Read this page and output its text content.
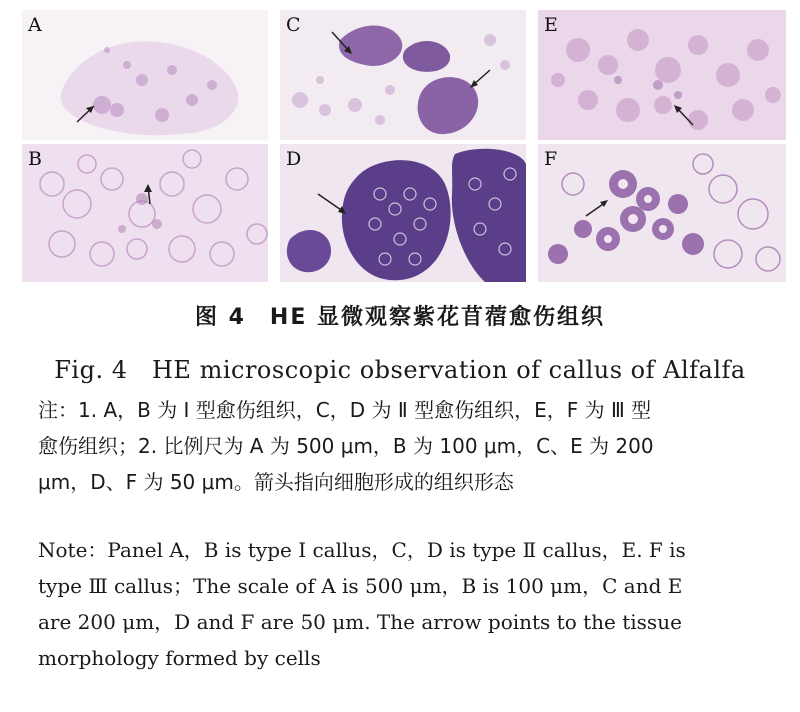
A
B
C
D
E
F
图 4　HE 显微观察紫花苜蓿愈伤组织
Fig. 4　HE microscopic observation of callus of Alfalfa

注：1. A，B 为 Ⅰ 型愈伤组织，C，D 为 Ⅱ 型愈伤组织，E，F 为 Ⅲ 型

愈伤组织；2. 比例尺为 A 为 500 μm，B 为 100 μm，C、E 为 200

μm，D、F 为 50 μm。箭头指向细胞形成的组织形态

Note：Panel A，B is type Ⅰ callus，C，D is type Ⅱ callus，E. F is

type Ⅲ callus；The scale of A is 500 μm，B is 100 μm，C and E

are 200 μm，D and F are 50 μm. The arrow points to the tissue

morphology formed by cells
